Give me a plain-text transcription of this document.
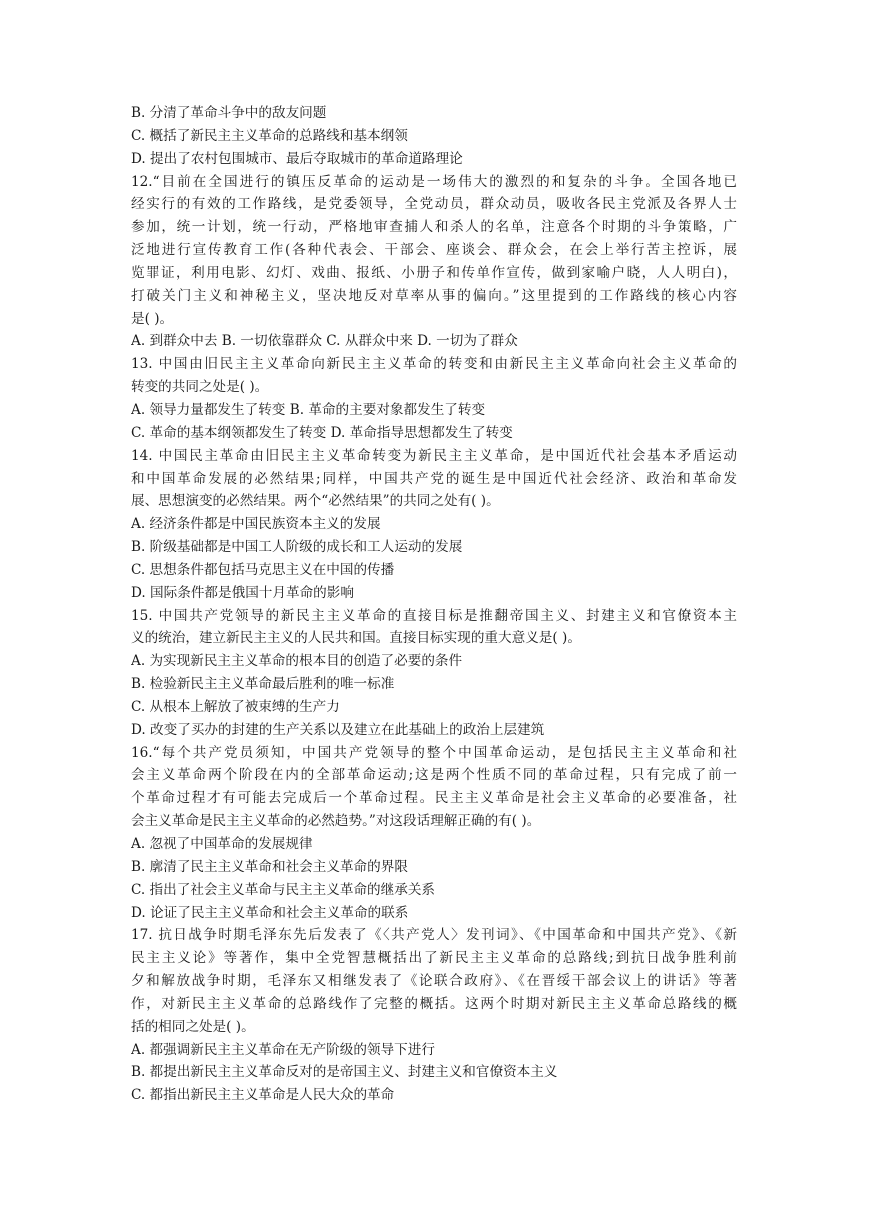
B. 分清了革命斗争中的敌友问题
C. 概括了新民主主义革命的总路线和基本纲领
D. 提出了农村包围城市、最后夺取城市的革命道路理论
12.“目前在全国进行的镇压反革命的运动是一场伟大的激烈的和复杂的斗争。全国各地已
经实行的有效的工作路线，是党委领导，全党动员，群众动员，吸收各民主党派及各界人士
参加，统一计划，统一行动，严格地审查捕人和杀人的名单，注意各个时期的斗争策略，广
泛地进行宣传教育工作(各种代表会、干部会、座谈会、群众会，在会上举行苦主控诉，展
览罪证，利用电影、幻灯、戏曲、报纸、小册子和传单作宣传，做到家喻户晓，人人明白)，
打破关门主义和神秘主义，坚决地反对草率从事的偏向。”这里提到的工作路线的核心内容
是( )。
A. 到群众中去 B. 一切依靠群众 C. 从群众中来 D. 一切为了群众
13. 中国由旧民主主义革命向新民主主义革命的转变和由新民主主义革命向社会主义革命的
转变的共同之处是( )。
A. 领导力量都发生了转变 B. 革命的主要对象都发生了转变
C. 革命的基本纲领都发生了转变 D. 革命指导思想都发生了转变
14. 中国民主革命由旧民主主义革命转变为新民主主义革命，是中国近代社会基本矛盾运动
和中国革命发展的必然结果;同样，中国共产党的诞生是中国近代社会经济、政治和革命发
展、思想演变的必然结果。两个“必然结果”的共同之处有( )。
A. 经济条件都是中国民族资本主义的发展
B. 阶级基础都是中国工人阶级的成长和工人运动的发展
C. 思想条件都包括马克思主义在中国的传播
D. 国际条件都是俄国十月革命的影响
15. 中国共产党领导的新民主主义革命的直接目标是推翻帝国主义、封建主义和官僚资本主
义的统治，建立新民主主义的人民共和国。直接目标实现的重大意义是( )。
A. 为实现新民主主义革命的根本目的创造了必要的条件
B. 检验新民主主义革命最后胜利的唯一标准
C. 从根本上解放了被束缚的生产力
D. 改变了买办的封建的生产关系以及建立在此基础上的政治上层建筑
16.“每个共产党员须知，中国共产党领导的整个中国革命运动，是包括民主主义革命和社
会主义革命两个阶段在内的全部革命运动;这是两个性质不同的革命过程，只有完成了前一
个革命过程才有可能去完成后一个革命过程。民主主义革命是社会主义革命的必要准备，社
会主义革命是民主主义革命的必然趋势。”对这段话理解正确的有( )。
A. 忽视了中国革命的发展规律
B. 廓清了民主主义革命和社会主义革命的界限
C. 指出了社会主义革命与民主主义革命的继承关系
D. 论证了民主主义革命和社会主义革命的联系
17. 抗日战争时期毛泽东先后发表了《〈共产党人〉发刊词》、《中国革命和中国共产党》、《新
民主主义论》等著作，集中全党智慧概括出了新民主主义革命的总路线;到抗日战争胜利前
夕和解放战争时期，毛泽东又相继发表了《论联合政府》、《在晋绥干部会议上的讲话》等著
作，对新民主主义革命的总路线作了完整的概括。这两个时期对新民主主义革命总路线的概
括的相同之处是( )。
A. 都强调新民主主义革命在无产阶级的领导下进行
B. 都提出新民主主义革命反对的是帝国主义、封建主义和官僚资本主义
C. 都指出新民主主义革命是人民大众的革命
